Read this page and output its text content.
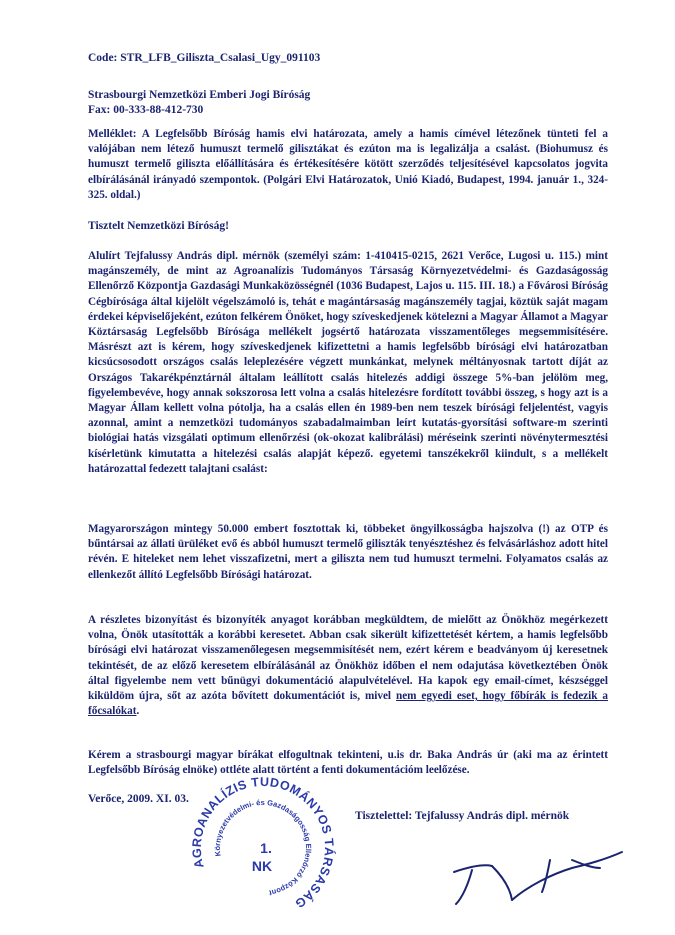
Code: STR_LFB_Giliszta_Csalasi_Ugy_091103

Strasbourgi Nemzetközi Emberi Jogi Bíróság
Fax: 00-333-88-412-730

Melléklet: A Legfelsőbb Bíróság hamis elvi határozata, amely a hamis címével létezőnek tünteti fel a valójában nem létező humuszt termelő gilisztákat és ezúton ma is legalizálja a csalást. (Biohumusz és humuszt termelő giliszta előállítására és értékesítésére kötött szerződés teljesítésével kapcsolatos jogvita elbírálásánál irányadó szempontok. (Polgári Elvi Határozatok, Unió Kiadó, Budapest, 1994. január 1., 324-325. oldal.)

Tisztelt Nemzetközi Bíróság!

Alulírt Tejfalussy András dipl. mérnök (személyi szám: 1-410415-0215, 2621 Verőce, Lugosi u. 115.) mint magánszemély, de mint az Agroanalízis Tudományos Társaság Környezetvédelmi- és Gazdaságosság Ellenőrző Központja Gazdasági Munkaközösségnél (1036 Budapest, Lajos u. 115. III. 18.) a Fővárosi Bíróság Cégbírósága által kijelölt végelszámoló is, tehát e magántársaság magánszemély tagjai, köztük saját magam érdekei képviselőjeként, ezúton felkérem Önöket, hogy szíveskedjenek kötelezni a Magyar Államot a Magyar Köztársaság Legfelsőbb Bírósága mellékelt jogsértő határozata visszamentőleges megsemmisítésére. Másrészt azt is kérem, hogy szíveskedjenek kifizettetni a hamis legfelsőbb bírósági elvi határozatban kicsúcsosodott országos csalás leleplezésére végzett munkánkat, melynek méltányosnak tartott díját az Országos Takarékpénztárnál általam leállított csalás hitelezés addigi összege 5%-ban jelölöm meg, figyelembevéve, hogy annak sokszorosa lett volna a csalás hitelezésre fordított további összeg, s hogy azt is a Magyar Állam kellett volna pótolja, ha a csalás ellen én 1989-ben nem teszek bírósági feljelentést, vagyis azonnal, amint a nemzetközi tudományos szabadalmaimban leírt kutatás-gyorsítási software-m szerinti biológiai hatás vizsgálati optimum ellenőrzési (ok-okozat kalibrálási) méréseink szerinti növénytermesztési kísérletünk kimutatta a hitelezési csalás alapját képező. egyetemi tanszékekről kiindult, s a mellékelt határozattal fedezett talajtani csalást:

Magyarországon mintegy 50.000 embert fosztottak ki, többeket öngyilkosságba hajszolva (!) az OTP és bűntársai az állati ürüléket evő és abból humuszt termelő giliszták tenyésztéshez és felvásárláshoz adott hitel révén. E hiteleket nem lehet visszafizetni, mert a giliszta nem tud humuszt termelni. Folyamatos csalás az ellenkezőt állító Legfelsőbb Bírósági határozat.

A részletes bizonyítást és bizonyíték anyagot korábban megküldtem, de mielőtt az Önökhöz megérkezett volna, Önök utasították a korábbi keresetet. Abban csak sikerült kifizettetését kértem, a hamis legfelsőbb bírósági elvi határozat visszamenőlegesen megsemmisítését nem, ezért kérem e beadványom új keresetnek tekintését, de az előző keresetem elbírálásánál az Önökhöz időben el nem odajutása következtében Önök által figyelembe nem vett bűnügyi dokumentáció alapulvételével. Ha kapok egy email-címet, készséggel kiküldöm újra, sőt az azóta bővített dokumentációt is, mivel nem egyedi eset, hogy főbírák is fedezik a főcsalókat.

Kérem a strasbourgi magyar bírákat elfogultnak tekinteni, u.is dr. Baka András úr (aki ma az érintett Legfelsőbb Bíróság elnöke) ottléte alatt történt a fenti dokumentációm leelőzése.

Verőce, 2009. XI. 03.

Tisztelettel: Tejfalussy András dipl. mérnök

AGROANALÍZIS TUDOMÁNYOS TÁRSASÁG
Környezetvédelmi- és Gazdaságosság Ellenőrző Központ
1.
NK
